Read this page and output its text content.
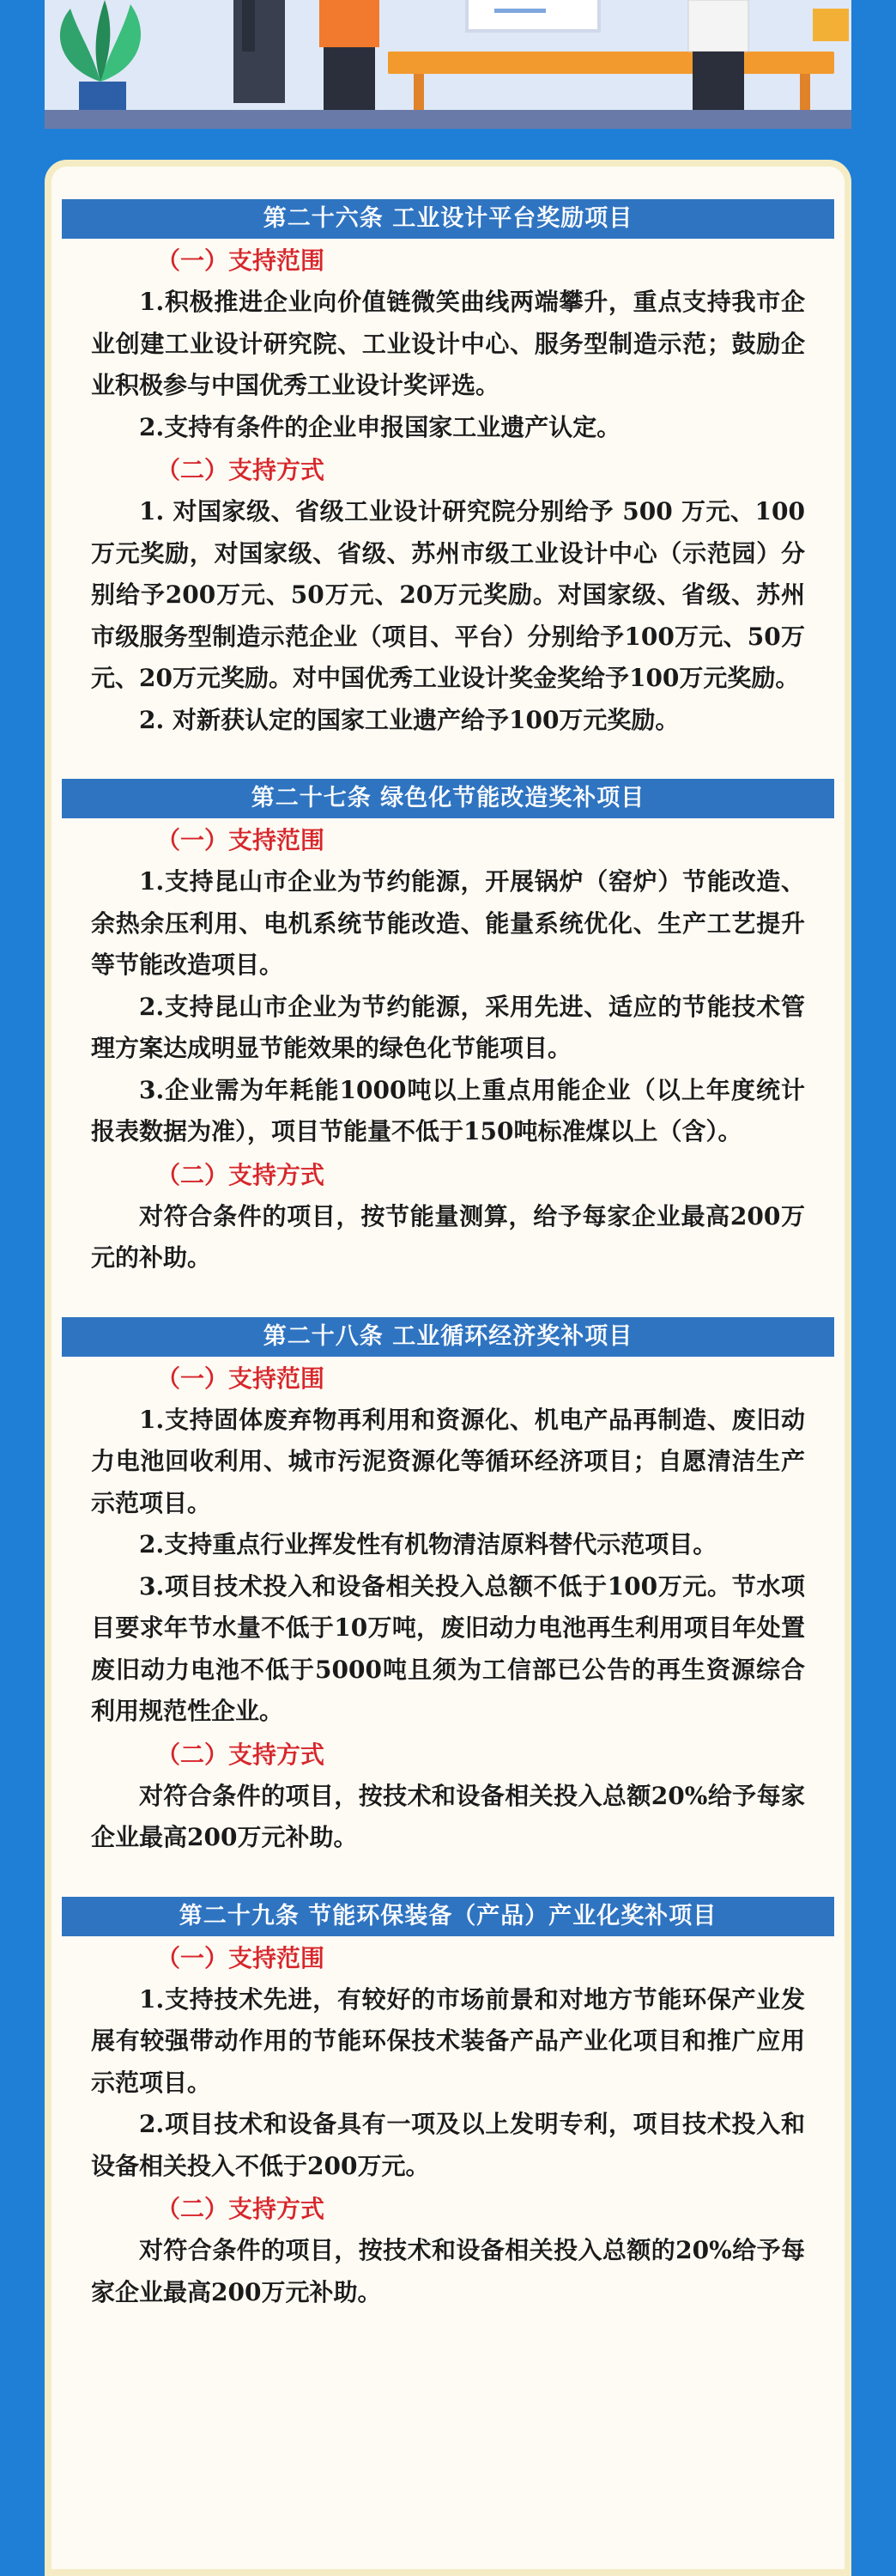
第二十六条 工业设计平台奖励项目
（一）支持范围

1.积极推进企业向价值链微笑曲线两端攀升，重点支持我市企业创建工业设计研究院、工业设计中心、服务型制造示范；鼓励企业积极参与中国优秀工业设计奖评选。

2.支持有条件的企业申报国家工业遗产认定。

（二）支持方式

1. 对国家级、省级工业设计研究院分别给予 500 万元、100万元奖励，对国家级、省级、苏州市级工业设计中心（示范园）分别给予200万元、50万元、20万元奖励。对国家级、省级、苏州市级服务型制造示范企业（项目、平台）分别给予100万元、50万元、20万元奖励。对中国优秀工业设计奖金奖给予100万元奖励。

2. 对新获认定的国家工业遗产给予100万元奖励。

第二十七条 绿色化节能改造奖补项目
（一）支持范围

1.支持昆山市企业为节约能源，开展锅炉（窑炉）节能改造、余热余压利用、电机系统节能改造、能量系统优化、生产工艺提升等节能改造项目。

2.支持昆山市企业为节约能源，采用先进、适应的节能技术管理方案达成明显节能效果的绿色化节能项目。

3.企业需为年耗能1000吨以上重点用能企业（以上年度统计报表数据为准），项目节能量不低于150吨标准煤以上（含）。

（二）支持方式

对符合条件的项目，按节能量测算，给予每家企业最高200万元的补助。

第二十八条 工业循环经济奖补项目
（一）支持范围

1.支持固体废弃物再利用和资源化、机电产品再制造、废旧动力电池回收利用、城市污泥资源化等循环经济项目；自愿清洁生产示范项目。

2.支持重点行业挥发性有机物清洁原料替代示范项目。

3.项目技术投入和设备相关投入总额不低于100万元。节水项目要求年节水量不低于10万吨，废旧动力电池再生利用项目年处置废旧动力电池不低于5000吨且须为工信部已公告的再生资源综合利用规范性企业。

（二）支持方式

对符合条件的项目，按技术和设备相关投入总额20%给予每家企业最高200万元补助。

第二十九条 节能环保装备（产品）产业化奖补项目
（一）支持范围

1.支持技术先进，有较好的市场前景和对地方节能环保产业发展有较强带动作用的节能环保技术装备产品产业化项目和推广应用示范项目。

2.项目技术和设备具有一项及以上发明专利，项目技术投入和设备相关投入不低于200万元。

（二）支持方式

对符合条件的项目，按技术和设备相关投入总额的20%给予每家企业最高200万元补助。
